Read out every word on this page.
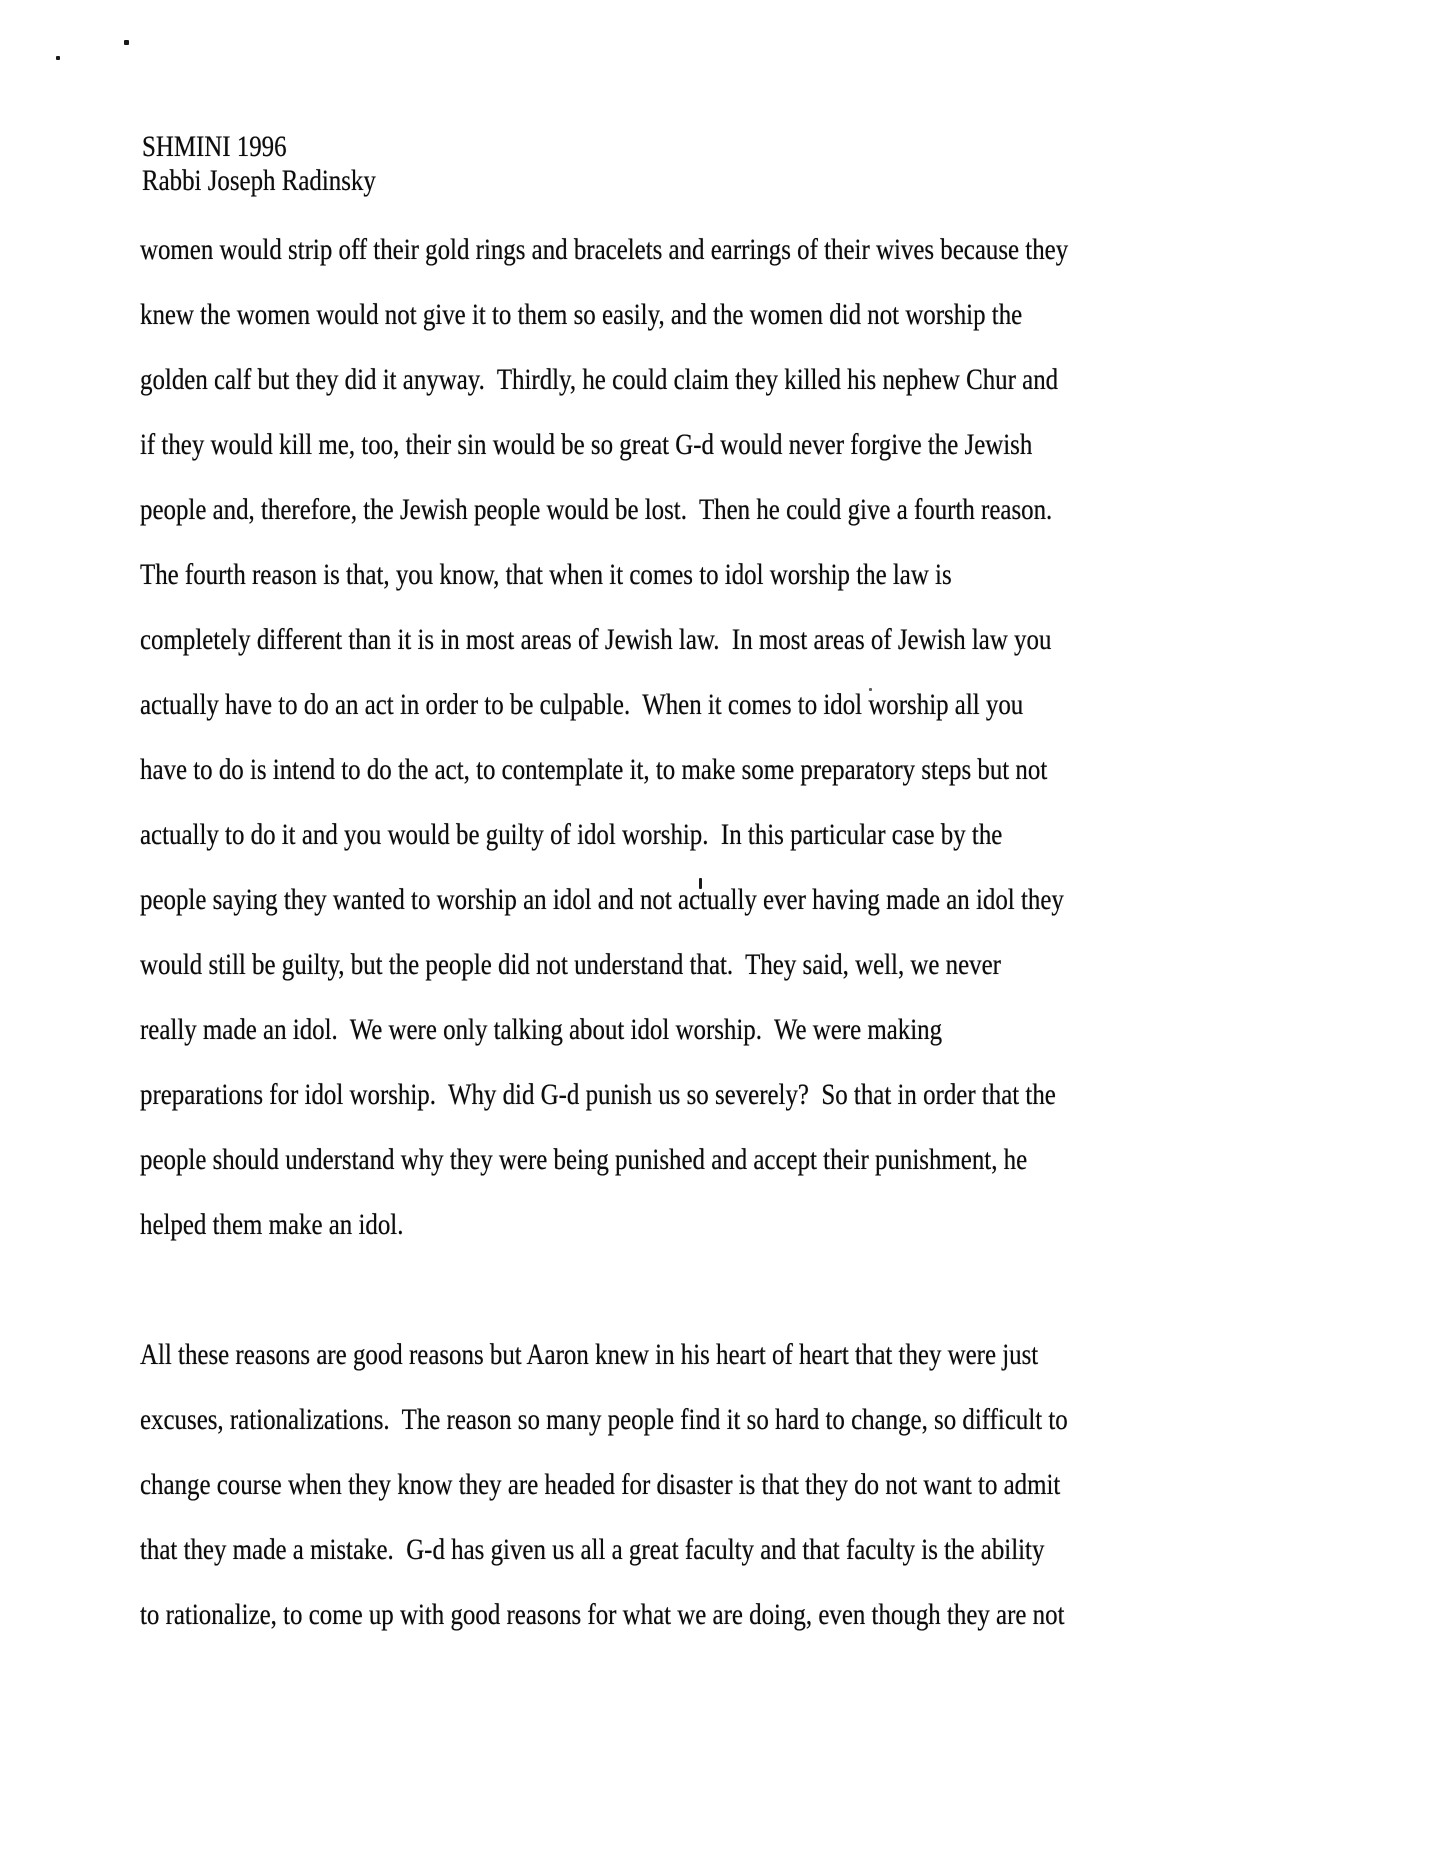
SHMINI 1996
Rabbi Joseph Radinsky
women would strip off their gold rings and bracelets and earrings of their wives because they
knew the women would not give it to them so easily, and the women did not worship the
golden calf but they did it anyway.  Thirdly, he could claim they killed his nephew Chur and
if they would kill me, too, their sin would be so great G-d would never forgive the Jewish
people and, therefore, the Jewish people would be lost.  Then he could give a fourth reason.
The fourth reason is that, you know, that when it comes to idol worship the law is
completely different than it is in most areas of Jewish law.  In most areas of Jewish law you
actually have to do an act in order to be culpable.  When it comes to idol worship all you
have to do is intend to do the act, to contemplate it, to make some preparatory steps but not
actually to do it and you would be guilty of idol worship.  In this particular case by the
people saying they wanted to worship an idol and not actually ever having made an idol they
would still be guilty, but the people did not understand that.  They said, well, we never
really made an idol.  We were only talking about idol worship.  We were making
preparations for idol worship.  Why did G-d punish us so severely?  So that in order that the
people should understand why they were being punished and accept their punishment, he
helped them make an idol.
All these reasons are good reasons but Aaron knew in his heart of heart that they were just
excuses, rationalizations.  The reason so many people find it so hard to change, so difficult to
change course when they know they are headed for disaster is that they do not want to admit
that they made a mistake.  G-d has given us all a great faculty and that faculty is the ability
to rationalize, to come up with good reasons for what we are doing, even though they are not
